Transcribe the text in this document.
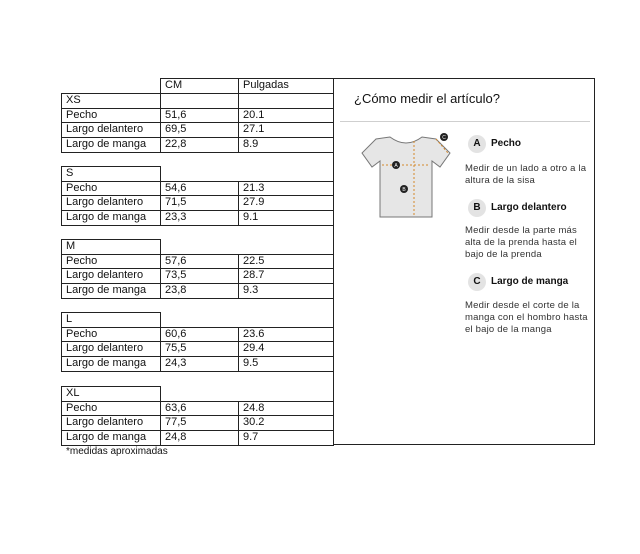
CM	Pulgadas
XS
Pecho	51,6	20.1
Largo delantero	69,5	27.1
Largo de manga	22,8	8.9
S
Pecho	54,6	21.3
Largo delantero	71,5	27.9
Largo de manga	23,3	9.1
M
Pecho	57,6	22.5
Largo delantero	73,5	28.7
Largo de manga	23,8	9.3
L
Pecho	60,6	23.6
Largo delantero	75,5	29.4
Largo de manga	24,3	9.5
XL
Pecho	63,6	24.8
Largo delantero	77,5	30.2
Largo de manga	24,8	9.7
*medidas aproximadas
¿Cómo medir el artículo?
A
B
C	A	Pecho
Medir de un lado a otro a la altura de la sisa
B	Largo delantero
Medir desde la parte más alta de la prenda hasta el bajo de la prenda
C	Largo de manga
Medir desde el corte de la manga con el hombro hasta el bajo de la manga
